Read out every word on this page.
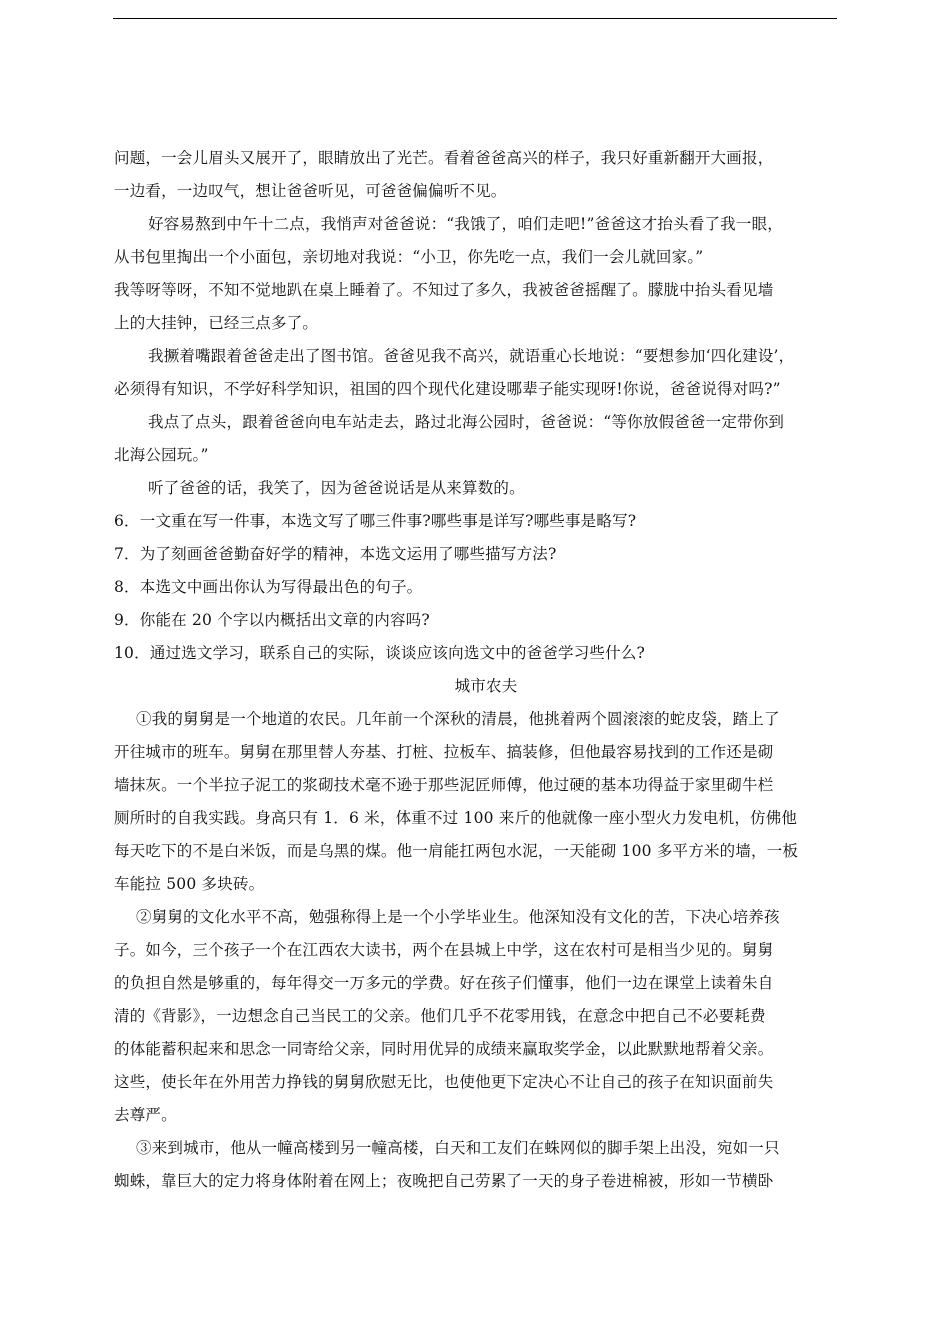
问题，一会儿眉头又展开了，眼睛放出了光芒。看着爸爸高兴的样子，我只好重新翻开大画报，
一边看，一边叹气，想让爸爸听见，可爸爸偏偏听不见。
好容易熬到中午十二点，我悄声对爸爸说：“我饿了，咱们走吧!”爸爸这才抬头看了我一眼，
从书包里掏出一个小面包，亲切地对我说：“小卫，你先吃一点，我们一会儿就回家。”
我等呀等呀，不知不觉地趴在桌上睡着了。不知过了多久，我被爸爸摇醒了。朦胧中抬头看见墙
上的大挂钟，已经三点多了。
我撅着嘴跟着爸爸走出了图书馆。爸爸见我不高兴，就语重心长地说：“要想参加‘四化建设’，
必须得有知识，不学好科学知识，祖国的四个现代化建设哪辈子能实现呀!你说，爸爸说得对吗?”
我点了点头，跟着爸爸向电车站走去，路过北海公园时，爸爸说：“等你放假爸爸一定带你到
北海公园玩。”
听了爸爸的话，我笑了，因为爸爸说话是从来算数的。
6．一文重在写一件事，本选文写了哪三件事?哪些事是详写?哪些事是略写?
7．为了刻画爸爸勤奋好学的精神，本选文运用了哪些描写方法?
8．本选文中画出你认为写得最出色的句子。
9．你能在 20 个字以内概括出文章的内容吗?
10．通过选文学习，联系自己的实际，谈谈应该向选文中的爸爸学习些什么?
城市农夫
①我的舅舅是一个地道的农民。几年前一个深秋的清晨，他挑着两个圆滚滚的蛇皮袋，踏上了
开往城市的班车。舅舅在那里替人夯基、打桩、拉板车、搞装修，但他最容易找到的工作还是砌
墙抹灰。一个半拉子泥工的浆砌技术毫不逊于那些泥匠师傅，他过硬的基本功得益于家里砌牛栏
厕所时的自我实践。身高只有 1．6 米，体重不过 100 来斤的他就像一座小型火力发电机，仿佛他
每天吃下的不是白米饭，而是乌黑的煤。他一肩能扛两包水泥，一天能砌 100 多平方米的墙，一板
车能拉 500 多块砖。
②舅舅的文化水平不高，勉强称得上是一个小学毕业生。他深知没有文化的苦，下决心培养孩
子。如今，三个孩子一个在江西农大读书，两个在县城上中学，这在农村可是相当少见的。舅舅
的负担自然是够重的，每年得交一万多元的学费。好在孩子们懂事，他们一边在课堂上读着朱自
清的《背影》，一边想念自己当民工的父亲。他们几乎不花零用钱，在意念中把自己不必要耗费
的体能蓄积起来和思念一同寄给父亲，同时用优异的成绩来赢取奖学金，以此默默地帮着父亲。
这些，使长年在外用苦力挣钱的舅舅欣慰无比，也使他更下定决心不让自己的孩子在知识面前失
去尊严。
③来到城市，他从一幢高楼到另一幢高楼，白天和工友们在蛛网似的脚手架上出没，宛如一只
蜘蛛，靠巨大的定力将身体附着在网上；夜晚把自己劳累了一天的身子卷进棉被，形如一节横卧
